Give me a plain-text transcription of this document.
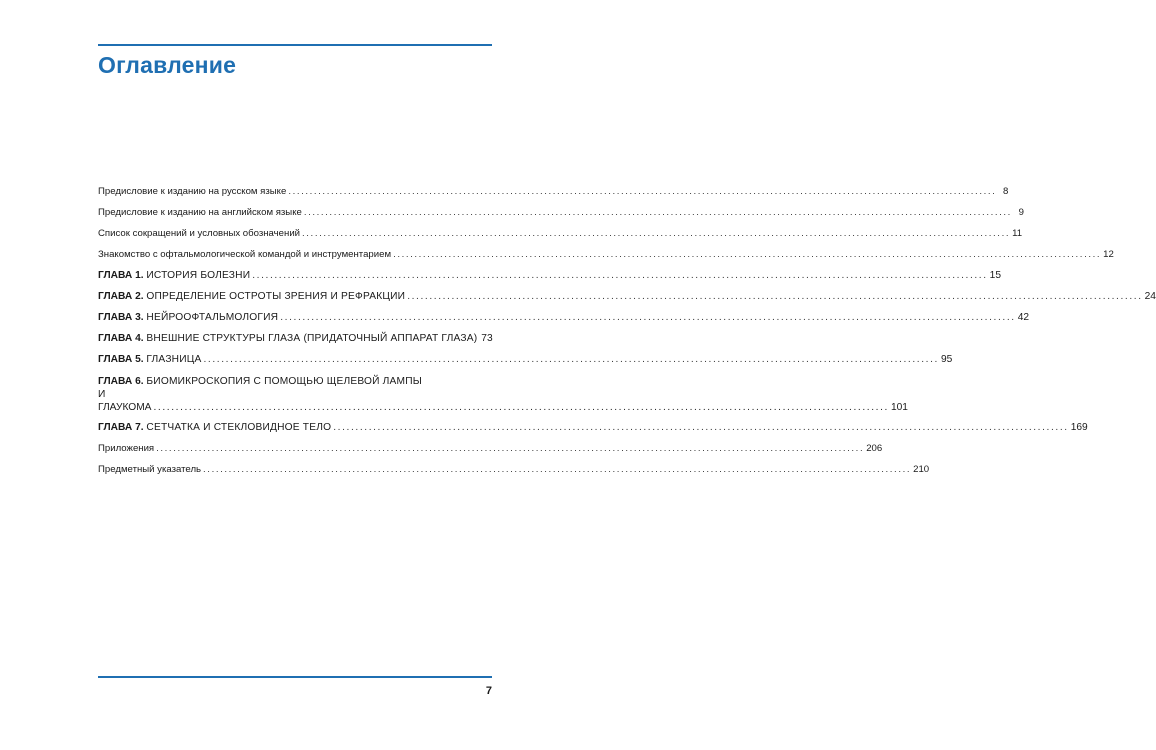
Оглавление
Предисловие к изданию на русском языке .....	8
Предисловие к изданию на английском языке .....	9
Список сокращений и условных обозначений .....	11
Знакомство с офтальмологической командой и инструментарием .....	12
ГЛАВА 1. ИСТОРИЯ БОЛЕЗНИ .....	15
ГЛАВА 2. ОПРЕДЕЛЕНИЕ ОСТРОТЫ ЗРЕНИЯ И РЕФРАКЦИИ .....	24
ГЛАВА 3. НЕЙРООФТАЛЬМОЛОГИЯ .....	42
ГЛАВА 4. ВНЕШНИЕ СТРУКТУРЫ ГЛАЗА (ПРИДАТОЧНЫЙ АППАРАТ ГЛАЗА) 73
ГЛАВА 5. ГЛАЗНИЦА .....	95
ГЛАВА 6. БИОМИКРОСКОПИЯ С ПОМОЩЬЮ ЩЕЛЕВОЙ ЛАМПЫ
И ГЛАУКОМА ...................................................................................................................................................................... 101
ГЛАВА 7. СЕТЧАТКА И СТЕКЛОВИДНОЕ ТЕЛО .....	169
Приложения .....	206
Предметный указатель .....	210
7
